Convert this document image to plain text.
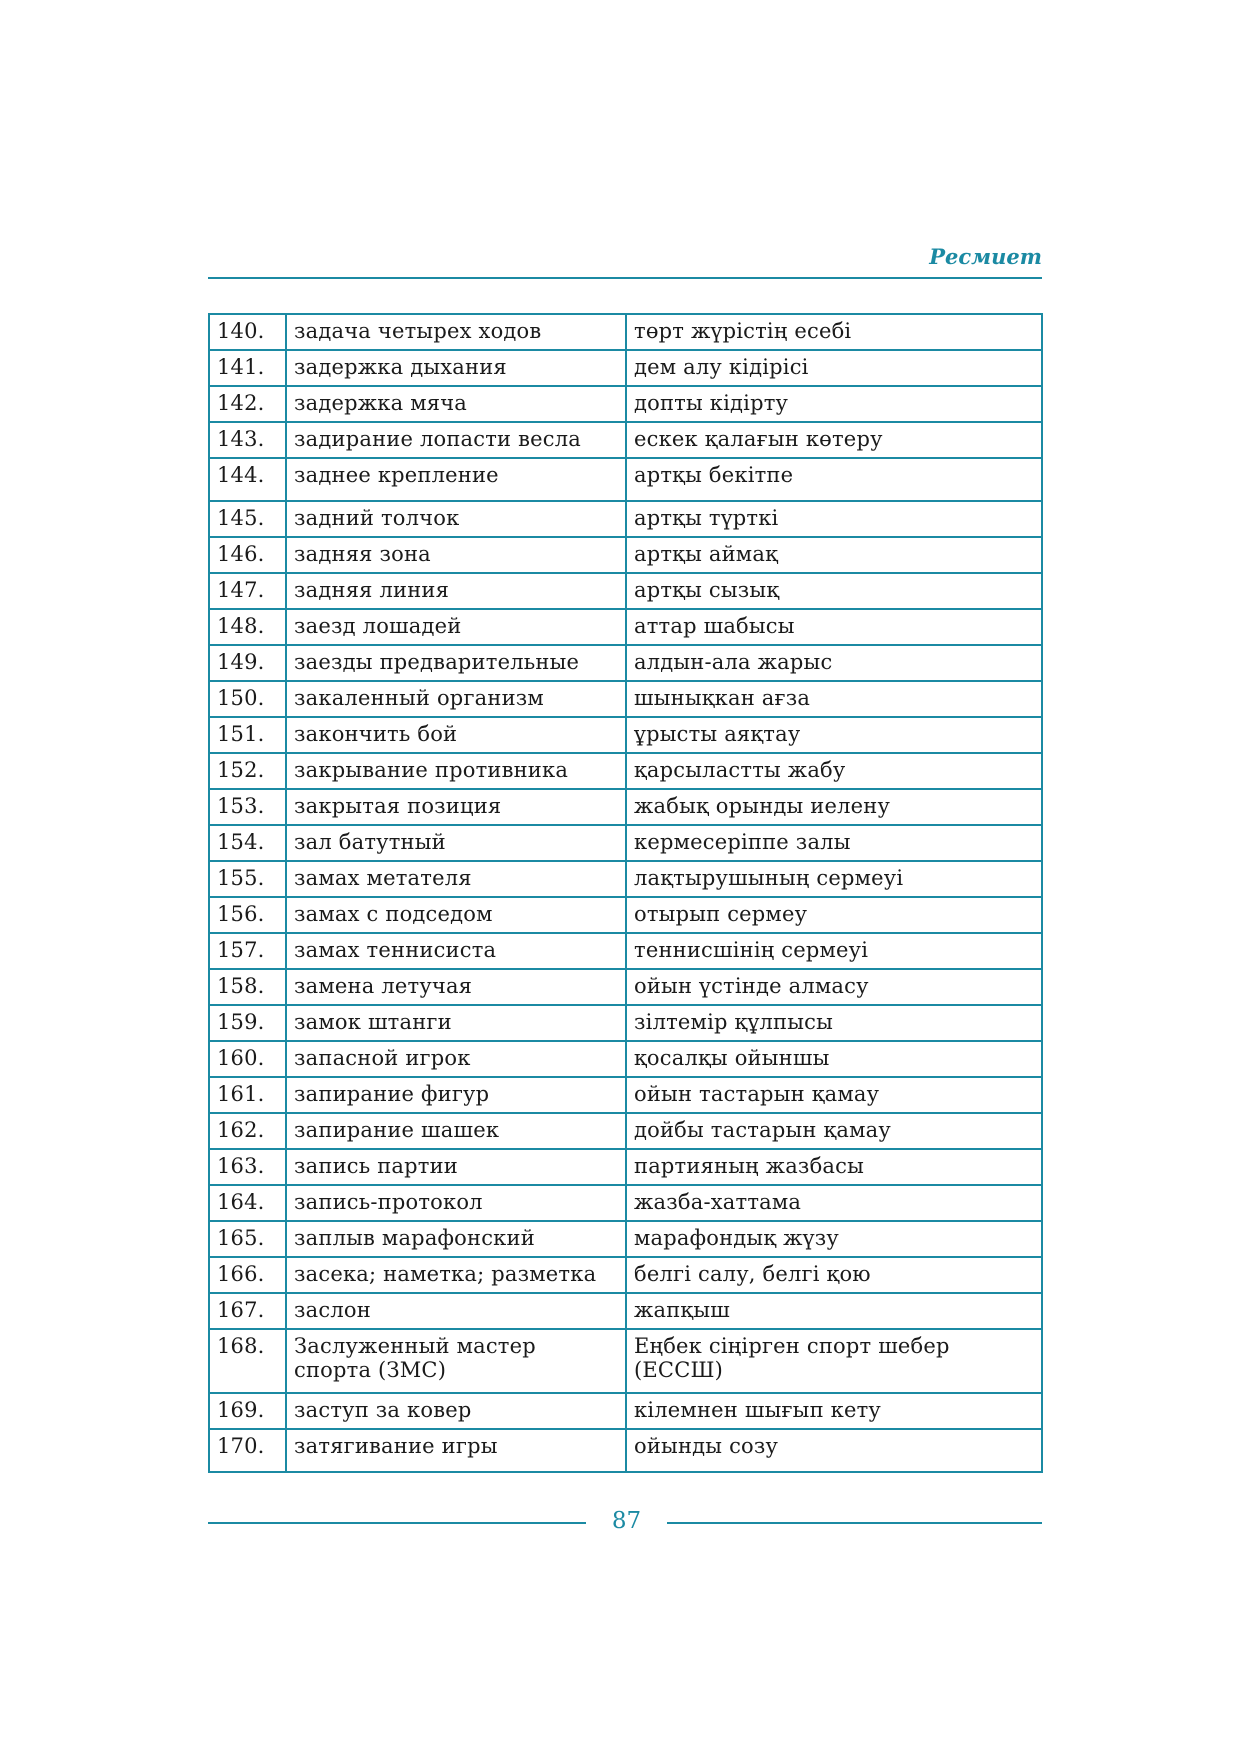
Ресмиет
140.	задача четырех ходов	төрт жүрістің есебі
141.	задержка дыхания	дем алу кідірісі
142.	задержка мяча	допты кідірту
143.	задирание лопасти весла	ескек қалағын көтеру
144.	заднее крепление	артқы бекітпе
145.	задний толчок	артқы түрткі
146.	задняя зона	артқы аймақ
147.	задняя линия	артқы сызық
148.	заезд лошадей	аттар шабысы
149.	заезды предварительные	алдын-ала жарыс
150.	закаленный организм	шынықкан ағза
151.	закончить бой	ұрысты аяқтау
152.	закрывание противника	қарсыластты жабу
153.	закрытая позиция	жабық орынды иелену
154.	зал батутный	кермесеріппе залы
155.	замах метателя	лақтырушының сермеуі
156.	замах с подседом	отырып сермеу
157.	замах теннисиста	теннисшінің сермеуі
158.	замена летучая	ойын үстінде алмасу
159.	замок штанги	зілтемір құлпысы
160.	запасной игрок	қосалқы ойыншы
161.	запирание фигур	ойын тастарын қамау
162.	запирание шашек	дойбы тастарын қамау
163.	запись партии	партияның жазбасы
164.	запись-протокол	жазба-хаттама
165.	заплыв марафонский	марафондық жүзу
166.	засека; наметка; разметка	белгі салу, белгі қою
167.	заслон	жапқыш
168.	Заслуженный мастер спорта (ЗМС)	Еңбек сіңірген спорт шебер (ЕССШ)
169.	заступ за ковер	кілемнен шығып кету
170.	затягивание игры	ойынды созу
87
